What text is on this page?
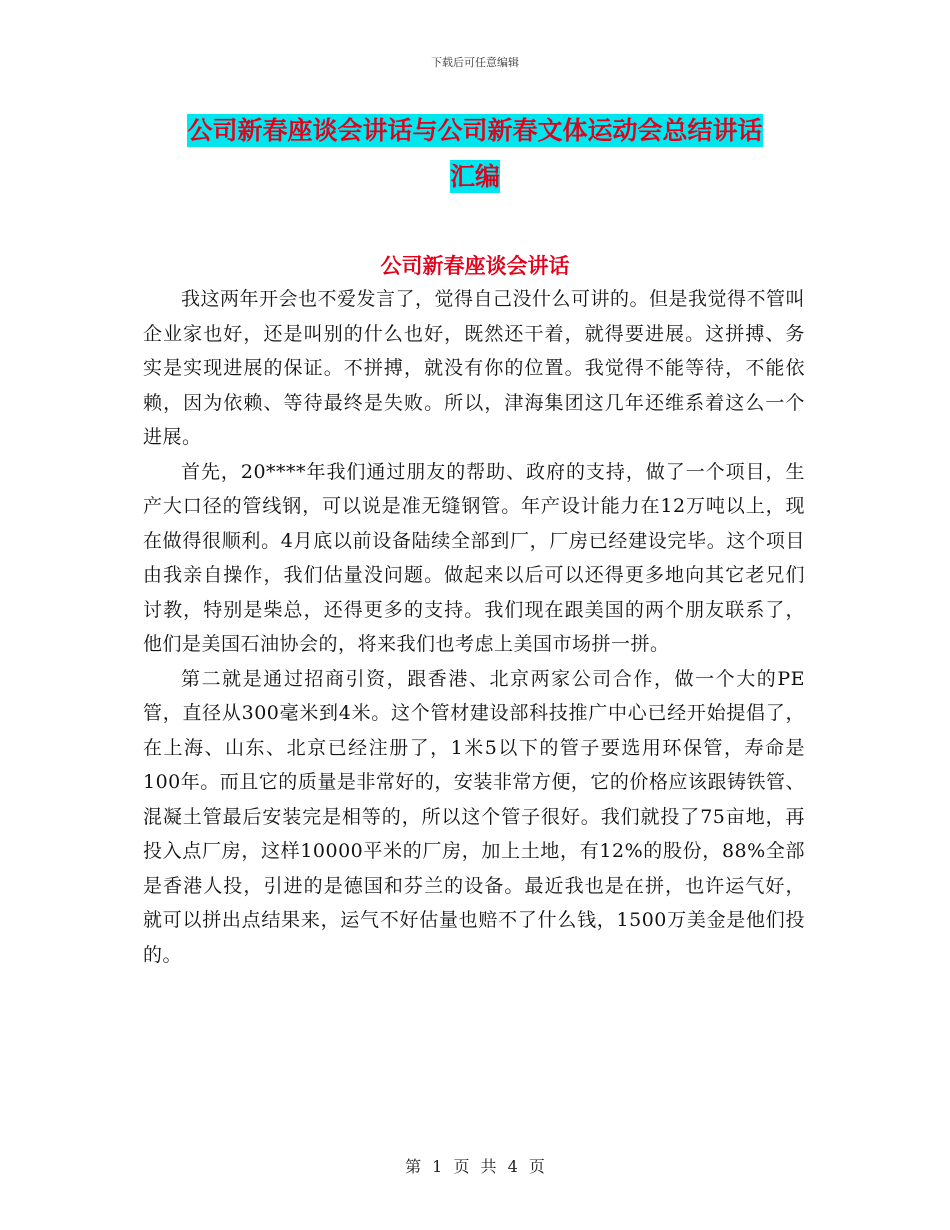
下载后可任意编辑
公司新春座谈会讲话与公司新春文体运动会总结讲话
汇编
公司新春座谈会讲话

我这两年开会也不爱发言了，觉得自己没什么可讲的。但是我觉得不管叫企业家也好，还是叫别的什么也好，既然还干着，就得要进展。这拼搏、务实是实现进展的保证。不拼搏，就没有你的位置。我觉得不能等待，不能依赖，因为依赖、等待最终是失败。所以，津海集团这几年还维系着这么一个进展。

首先，20****年我们通过朋友的帮助、政府的支持，做了一个项目，生产大口径的管线钢，可以说是准无缝钢管。年产设计能力在12万吨以上，现在做得很顺利。4月底以前设备陆续全部到厂，厂房已经建设完毕。这个项目由我亲自操作，我们估量没问题。做起来以后可以还得更多地向其它老兄们讨教，特别是柴总，还得更多的支持。我们现在跟美国的两个朋友联系了，他们是美国石油协会的，将来我们也考虑上美国市场拼一拼。

第二就是通过招商引资，跟香港、北京两家公司合作，做一个大的PE管，直径从300毫米到4米。这个管材建设部科技推广中心已经开始提倡了，在上海、山东、北京已经注册了，1米5以下的管子要选用环保管，寿命是100年。而且它的质量是非常好的，安装非常方便，它的价格应该跟铸铁管、混凝土管最后安装完是相等的，所以这个管子很好。我们就投了75亩地，再投入点厂房，这样10000平米的厂房，加上土地，有12%的股份，88%全部是香港人投，引进的是德国和芬兰的设备。最近我也是在拼，也许运气好，就可以拼出点结果来，运气不好估量也赔不了什么钱，1500万美金是他们投的。

第 1 页 共 4 页
